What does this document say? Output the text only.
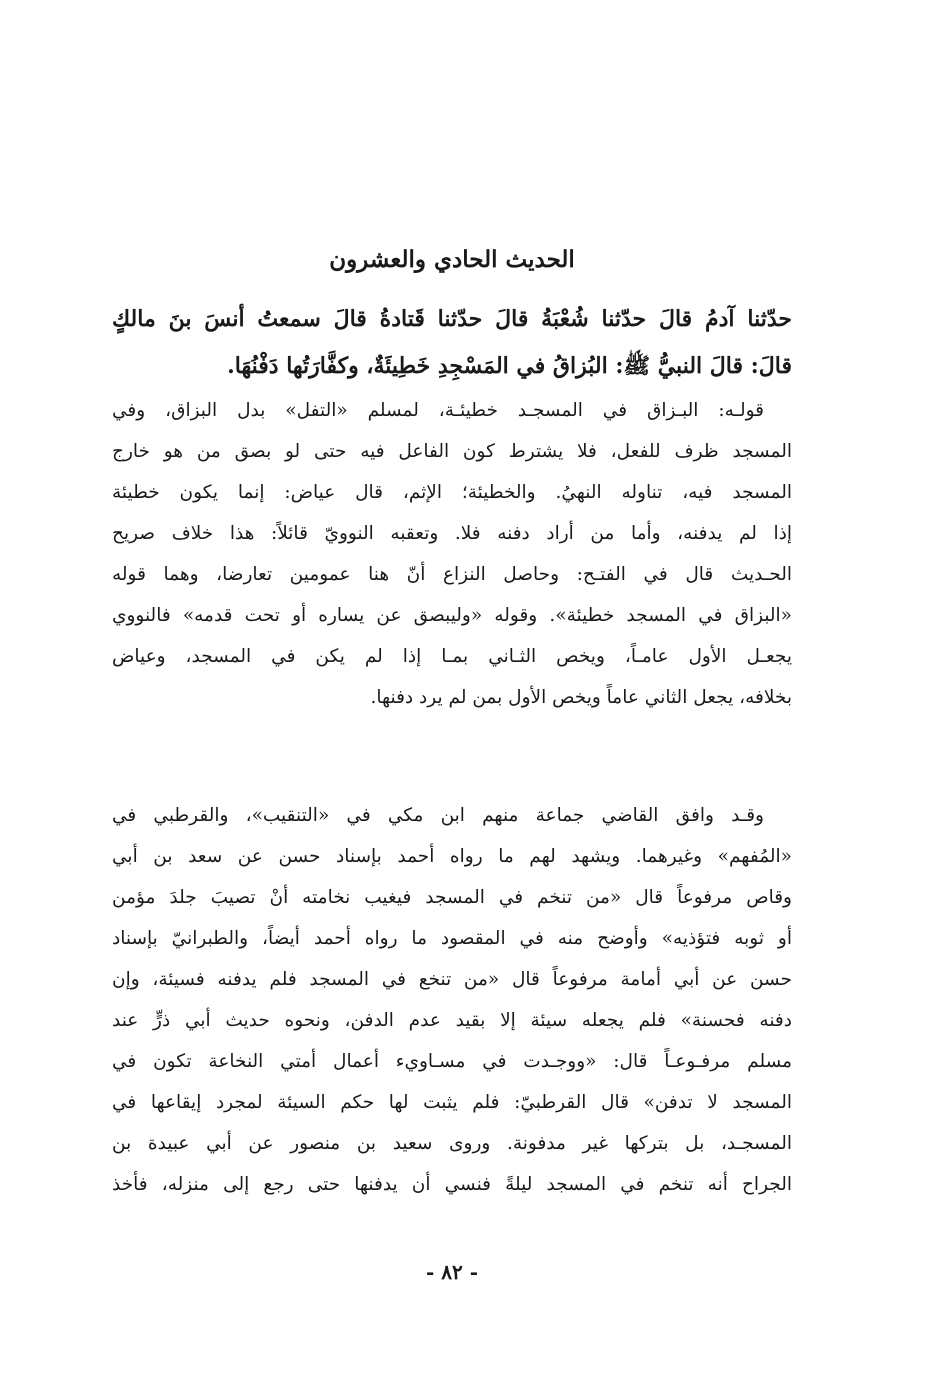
الحديث الحادي والعشرون
حدّثنا آدمُ قالَ حدّثنا شُعْبَةُ قالَ حدّثنا قَتادةُ قالَ سمعتُ أنسَ بنَ مالكٍ
قالَ: قالَ النبيُّ ﷺ: البُزاقُ في المَسْجِدِ خَطِيئَةٌ، وكفَّارَتُها دَفْنُهَا.
قولـه: البـزاق في المسجـد خطيئـة، لمسلم «التفل» بدل البزاق، وفي
المسجد ظرف للفعل، فلا يشترط كون الفاعل فيه حتى لو بصق من هو خارج
المسجد فيه، تناوله النهيُ. والخطيئة؛ الإثم، قال عياض: إنما يكون خطيئة
إذا لم يدفنه، وأما من أراد دفنه فلا. وتعقبه النوويّ قائلاً: هذا خلاف صريح
الحـديث قال في الفتـح: وحاصل النزاع أنّ هنا عمومين تعارضا، وهما قوله
«البزاق في المسجد خطيئة». وقوله «وليبصق عن يساره أو تحت قدمه» فالنووي
يجعـل الأول عامـاً، ويخص الثـاني بمـا إذا لم يكن في المسجد، وعياض
بخلافه، يجعل الثاني عاماً ويخص الأول بمن لم يرد دفنها.
وقـد وافق القاضي جماعة منهم ابن مكي في «التنقيب»، والقرطبي في
«المُفهم» وغيرهما. ويشهد لهم ما رواه أحمد بإسناد حسن عن سعد بن أبي
وقاص مرفوعاً قال «من تنخم في المسجد فيغيب نخامته أنْ تصيبَ جلدَ مؤمن
أو ثوبه فتؤذيه» وأوضح منه في المقصود ما رواه أحمد أيضاً، والطبرانيّ بإسناد
حسن عن أبي أمامة مرفوعاً قال «من تنخع في المسجد فلم يدفنه فسيئة، وإن
دفنه فحسنة» فلم يجعله سيئة إلا بقيد عدم الدفن، ونحوه حديث أبي ذرٍّ عند
مسلم مرفـوعـاً قال: «ووجـدت في مسـاويء أعمال أمتي النخاعة تكون في
المسجد لا تدفن» قال القرطبيّ: فلم يثبت لها حكم السيئة لمجرد إيقاعها في
المسجـد، بل بتركها غير مدفونة. وروى سعيد بن منصور عن أبي عبيدة بن
الجراح أنه تنخم في المسجد ليلةً فنسي أن يدفنها حتى رجع إلى منزله، فأخذ
- ٨٢ -
